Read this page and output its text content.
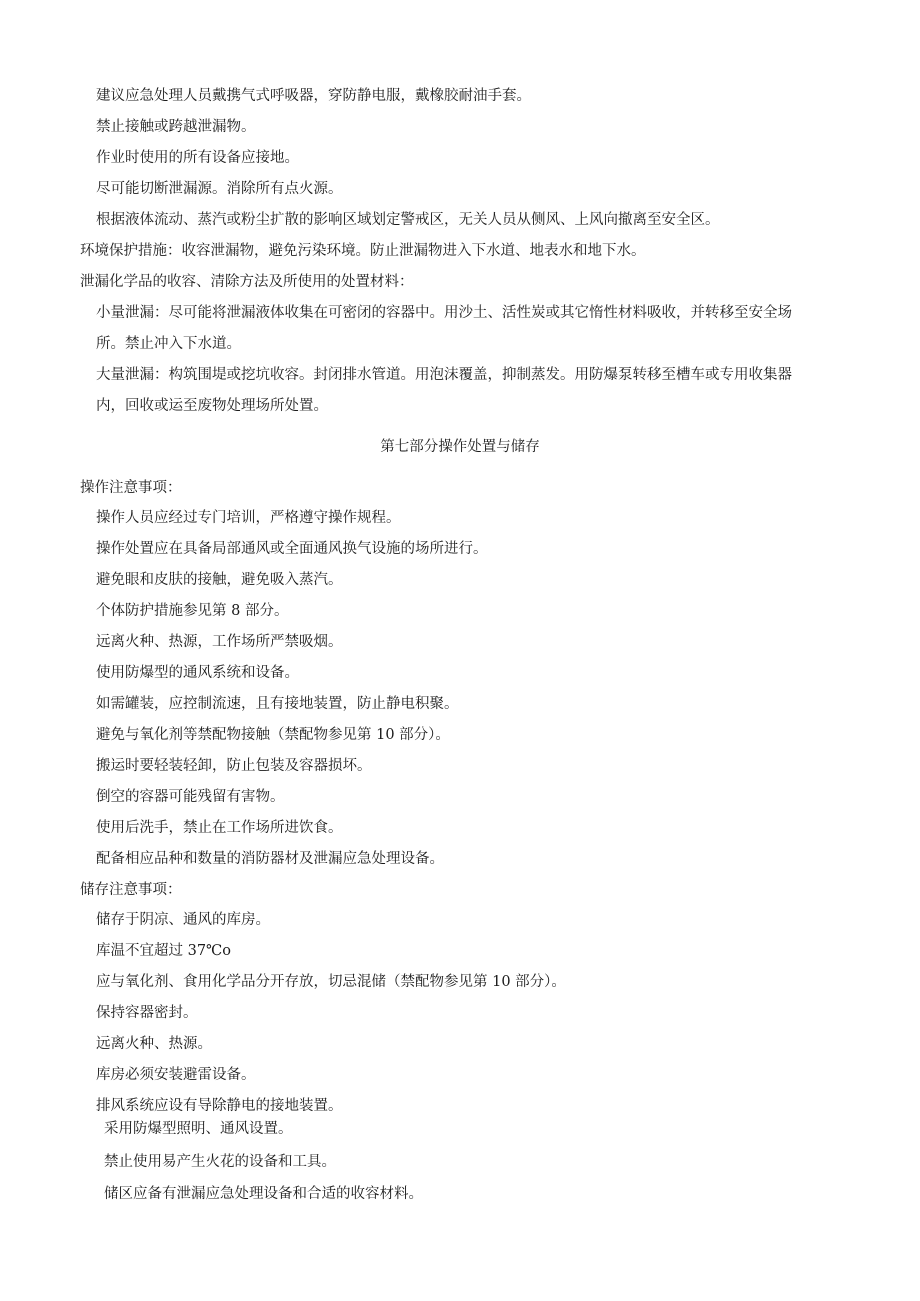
建议应急处理人员戴携气式呼吸器，穿防静电服，戴橡胶耐油手套。
禁止接触或跨越泄漏物。
作业时使用的所有设备应接地。
尽可能切断泄漏源。消除所有点火源。
根据液体流动、蒸汽或粉尘扩散的影响区域划定警戒区，无关人员从侧风、上风向撤离至安全区。
环境保护措施：收容泄漏物，避免污染环境。防止泄漏物进入下水道、地表水和地下水。
泄漏化学品的收容、清除方法及所使用的处置材料：
小量泄漏：尽可能将泄漏液体收集在可密闭的容器中。用沙土、活性炭或其它惰性材料吸收，并转移至安全场
所。禁止冲入下水道。
大量泄漏：构筑围堤或挖坑收容。封闭排水管道。用泡沫覆盖，抑制蒸发。用防爆泵转移至槽车或专用收集器
内，回收或运至废物处理场所处置。
第七部分操作处置与储存
操作注意事项：
操作人员应经过专门培训，严格遵守操作规程。
操作处置应在具备局部通风或全面通风换气设施的场所进行。
避免眼和皮肤的接触，避免吸入蒸汽。
个体防护措施参见第 8 部分。
远离火种、热源，工作场所严禁吸烟。
使用防爆型的通风系统和设备。
如需罐装，应控制流速，且有接地装置，防止静电积聚。
避免与氧化剂等禁配物接触（禁配物参见第 10 部分）。
搬运时要轻装轻卸，防止包装及容器损坏。
倒空的容器可能残留有害物。
使用后洗手，禁止在工作场所进饮食。
配备相应品种和数量的消防器材及泄漏应急处理设备。
储存注意事项：
储存于阴凉、通风的库房。
库温不宜超过 37℃o
应与氧化剂、食用化学品分开存放，切忌混储（禁配物参见第 10 部分）。
保持容器密封。
远离火种、热源。
库房必须安装避雷设备。
排风系统应设有导除静电的接地装置。
采用防爆型照明、通风设置。
禁止使用易产生火花的设备和工具。
储区应备有泄漏应急处理设备和合适的收容材料。
